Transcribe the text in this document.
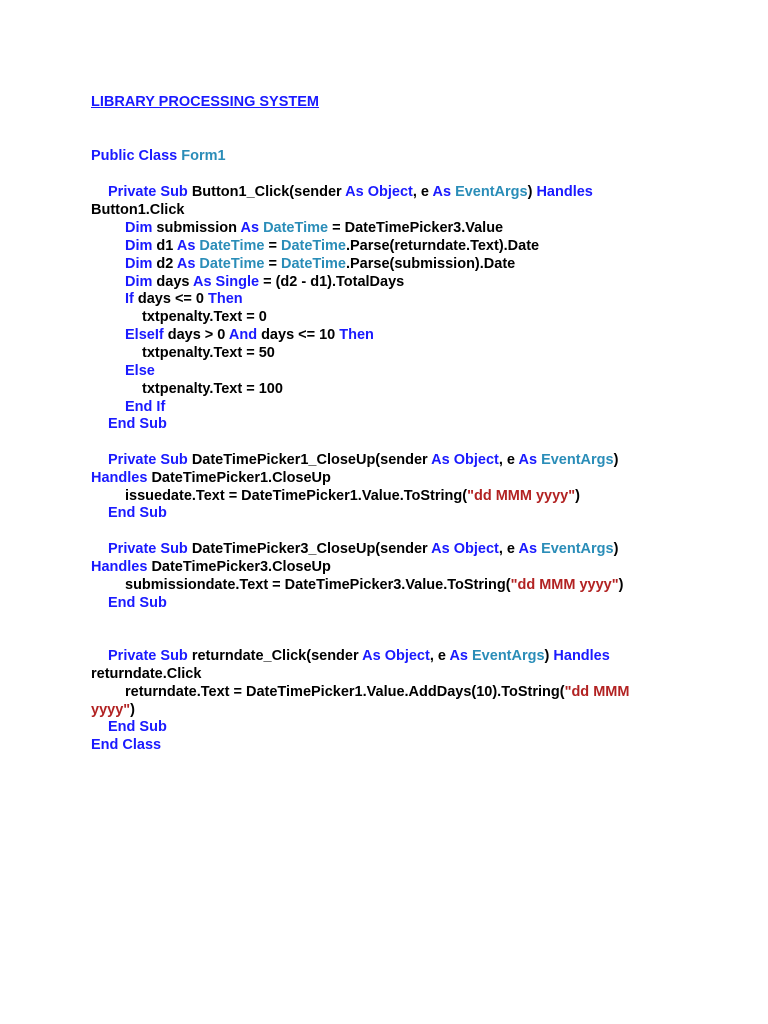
LIBRARY PROCESSING SYSTEM
Public Class Form1
Private Sub Button1_Click(sender As Object, e As EventArgs) Handles
Button1.Click
Dim submission As DateTime = DateTimePicker3.Value
Dim d1 As DateTime = DateTime.Parse(returndate.Text).Date
Dim d2 As DateTime = DateTime.Parse(submission).Date
Dim days As Single = (d2 - d1).TotalDays
If days <= 0 Then
txtpenalty.Text = 0
ElseIf days > 0 And days <= 10 Then
txtpenalty.Text = 50
Else
txtpenalty.Text = 100
End If
End Sub
Private Sub DateTimePicker1_CloseUp(sender As Object, e As EventArgs)
Handles DateTimePicker1.CloseUp
issuedate.Text = DateTimePicker1.Value.ToString("dd MMM yyyy")
End Sub
Private Sub DateTimePicker3_CloseUp(sender As Object, e As EventArgs)
Handles DateTimePicker3.CloseUp
submissiondate.Text = DateTimePicker3.Value.ToString("dd MMM yyyy")
End Sub
Private Sub returndate_Click(sender As Object, e As EventArgs) Handles
returndate.Click
returndate.Text = DateTimePicker1.Value.AddDays(10).ToString("dd MMM
yyyy")
End Sub
End Class
